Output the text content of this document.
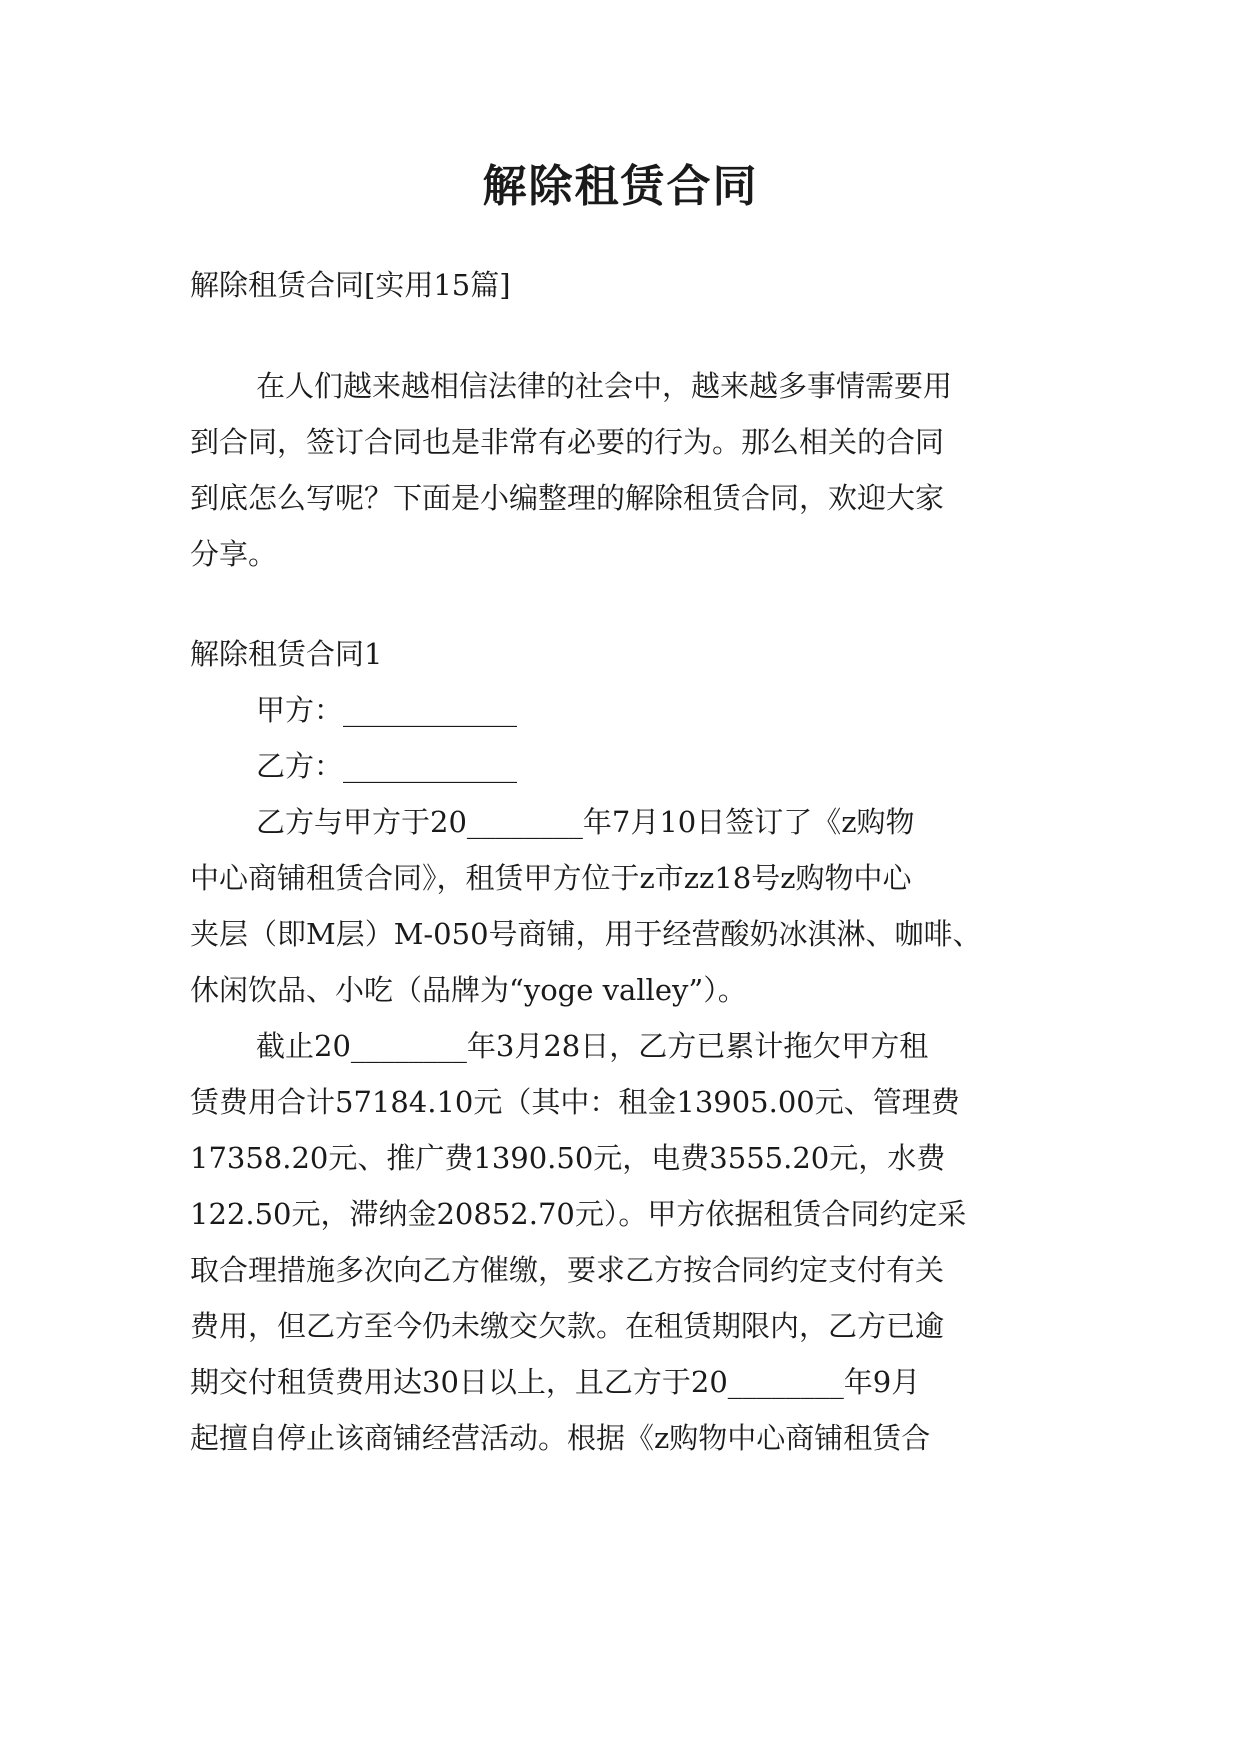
解除租赁合同

解除租赁合同[实用15篇]

在人们越来越相信法律的社会中，越来越多事情需要用

到合同，签订合同也是非常有必要的行为。那么相关的合同

到底怎么写呢？下面是小编整理的解除租赁合同，欢迎大家

分享。

解除租赁合同1

甲方：____________

乙方：____________

乙方与甲方于20________年7月10日签订了《z购物

中心商铺租赁合同》，租赁甲方位于z市zz18号z购物中心

夹层（即M层）M-050号商铺，用于经营酸奶冰淇淋、咖啡、

休闲饮品、小吃（品牌为“yoge valley”）。

截止20________年3月28日，乙方已累计拖欠甲方租

赁费用合计57184.10元（其中：租金13905.00元、管理费

17358.20元、推广费1390.50元，电费3555.20元，水费

122.50元，滞纳金20852.70元）。甲方依据租赁合同约定采

取合理措施多次向乙方催缴，要求乙方按合同约定支付有关

费用，但乙方至今仍未缴交欠款。在租赁期限内，乙方已逾

期交付租赁费用达30日以上，且乙方于20________年9月

起擅自停止该商铺经营活动。根据《z购物中心商铺租赁合
